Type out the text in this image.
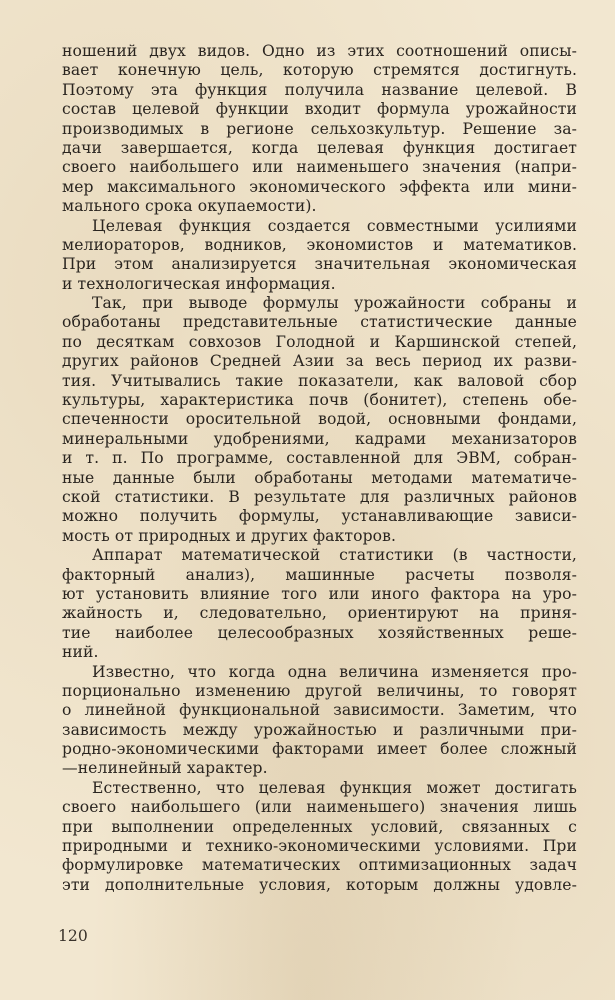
ношений двух видов. Одно из этих соотношений описы-
вает конечную цель, которую стремятся достигнуть.
Поэтому эта функция получила название целевой. В
состав целевой функции входит формула урожайности
производимых в регионе сельхозкультур. Решение за-
дачи завершается, когда целевая функция достигает
своего наибольшего или наименьшего значения (напри-
мер максимального экономического эффекта или мини-
мального срока окупаемости).
Целевая функция создается совместными усилиями
мелиораторов, водников, экономистов и математиков.
При этом анализируется значительная экономическая
и технологическая информация.
Так, при выводе формулы урожайности собраны и
обработаны представительные статистические данные
по десяткам совхозов Голодной и Каршинской степей,
других районов Средней Азии за весь период их разви-
тия. Учитывались такие показатели, как валовой сбор
культуры, характеристика почв (бонитет), степень обе-
спеченности оросительной водой, основными фондами,
минеральными удобрениями, кадрами механизаторов
и т. п. По программе, составленной для ЭВМ, собран-
ные данные были обработаны методами математиче-
ской статистики. В результате для различных районов
можно получить формулы, устанавливающие зависи-
мость от природных и других факторов.
Аппарат математической статистики (в частности,
факторный анализ), машинные расчеты позволя-
ют установить влияние того или иного фактора на уро-
жайность и, следовательно, ориентируют на приня-
тие наиболее целесообразных хозяйственных реше-
ний.
Известно, что когда одна величина изменяется про-
порционально изменению другой величины, то говорят
о линейной функциональной зависимости. Заметим, что
зависимость между урожайностью и различными при-
родно-экономическими факторами имеет более сложный
—нелинейный характер.
Естественно, что целевая функция может достигать
своего наибольшего (или наименьшего) значения лишь
при выполнении определенных условий, связанных с
природными и технико-экономическими условиями. При
формулировке математических оптимизационных задач
эти дополнительные условия, которым должны удовле-
120
